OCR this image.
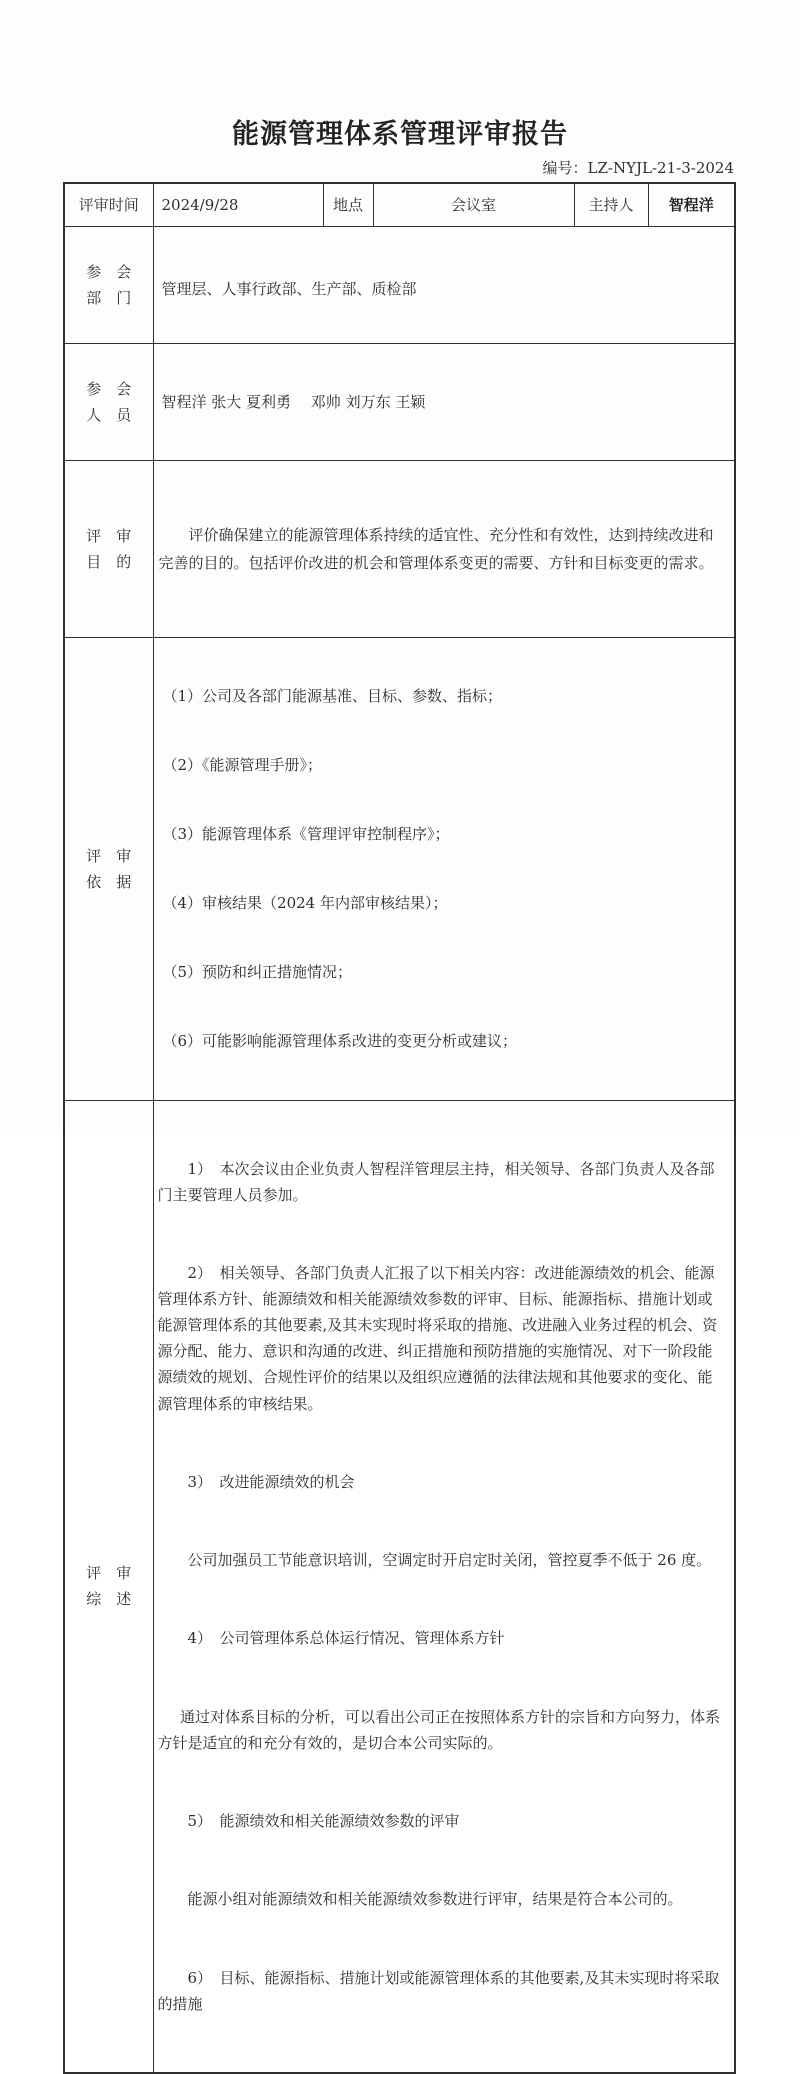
能源管理体系管理评审报告
编号：LZ-NYJL-21-3-2024
评审时间	2024/9/28	地点	会议室	主持人	智程洋

参　会
部　门	管理层、人事行政部、生产部、质检部				

参　会
人　员	智程洋 张大 夏利勇　 邓帅 刘万东 王颖				

评　审
目　的	评价确保建立的能源管理体系持续的适宜性、充分性和有效性，达到持续改进和完善的目的。包括评价改进的机会和管理体系变更的需要、方针和目标变更的需求。				

评　审
依　据

（1）公司及各部门能源基准、目标、参数、指标；

（2）《能源管理手册》；

（3）能源管理体系《管理评审控制程序》；

（4）审核结果（2024 年内部审核结果）；

（5）预防和纠正措施情况；

（6）可能影响能源管理体系改进的变更分析或建议；

评　审
综　述

1）　本次会议由企业负责人智程洋管理层主持，相关领导、各部门负责人及各部门主要管理人员参加。

2）　相关领导、各部门负责人汇报了以下相关内容：改进能源绩效的机会、能源管理体系方针、能源绩效和相关能源绩效参数的评审、目标、能源指标、措施计划或能源管理体系的其他要素,及其未实现时将采取的措施、改进融入业务过程的机会、资源分配、能力、意识和沟通的改进、纠正措施和预防措施的实施情况、对下一阶段能源绩效的规划、合规性评价的结果以及组织应遵循的法律法规和其他要求的变化、能源管理体系的审核结果。

3）　改进能源绩效的机会

公司加强员工节能意识培训，空调定时开启定时关闭，管控夏季不低于 26 度。

4）　公司管理体系总体运行情况、管理体系方针

通过对体系目标的分析，可以看出公司正在按照体系方针的宗旨和方向努力，体系方针是适宜的和充分有效的，是切合本公司实际的。

5）　能源绩效和相关能源绩效参数的评审

能源小组对能源绩效和相关能源绩效参数进行评审，结果是符合本公司的。

6）　目标、能源指标、措施计划或能源管理体系的其他要素,及其未实现时将采取的措施
